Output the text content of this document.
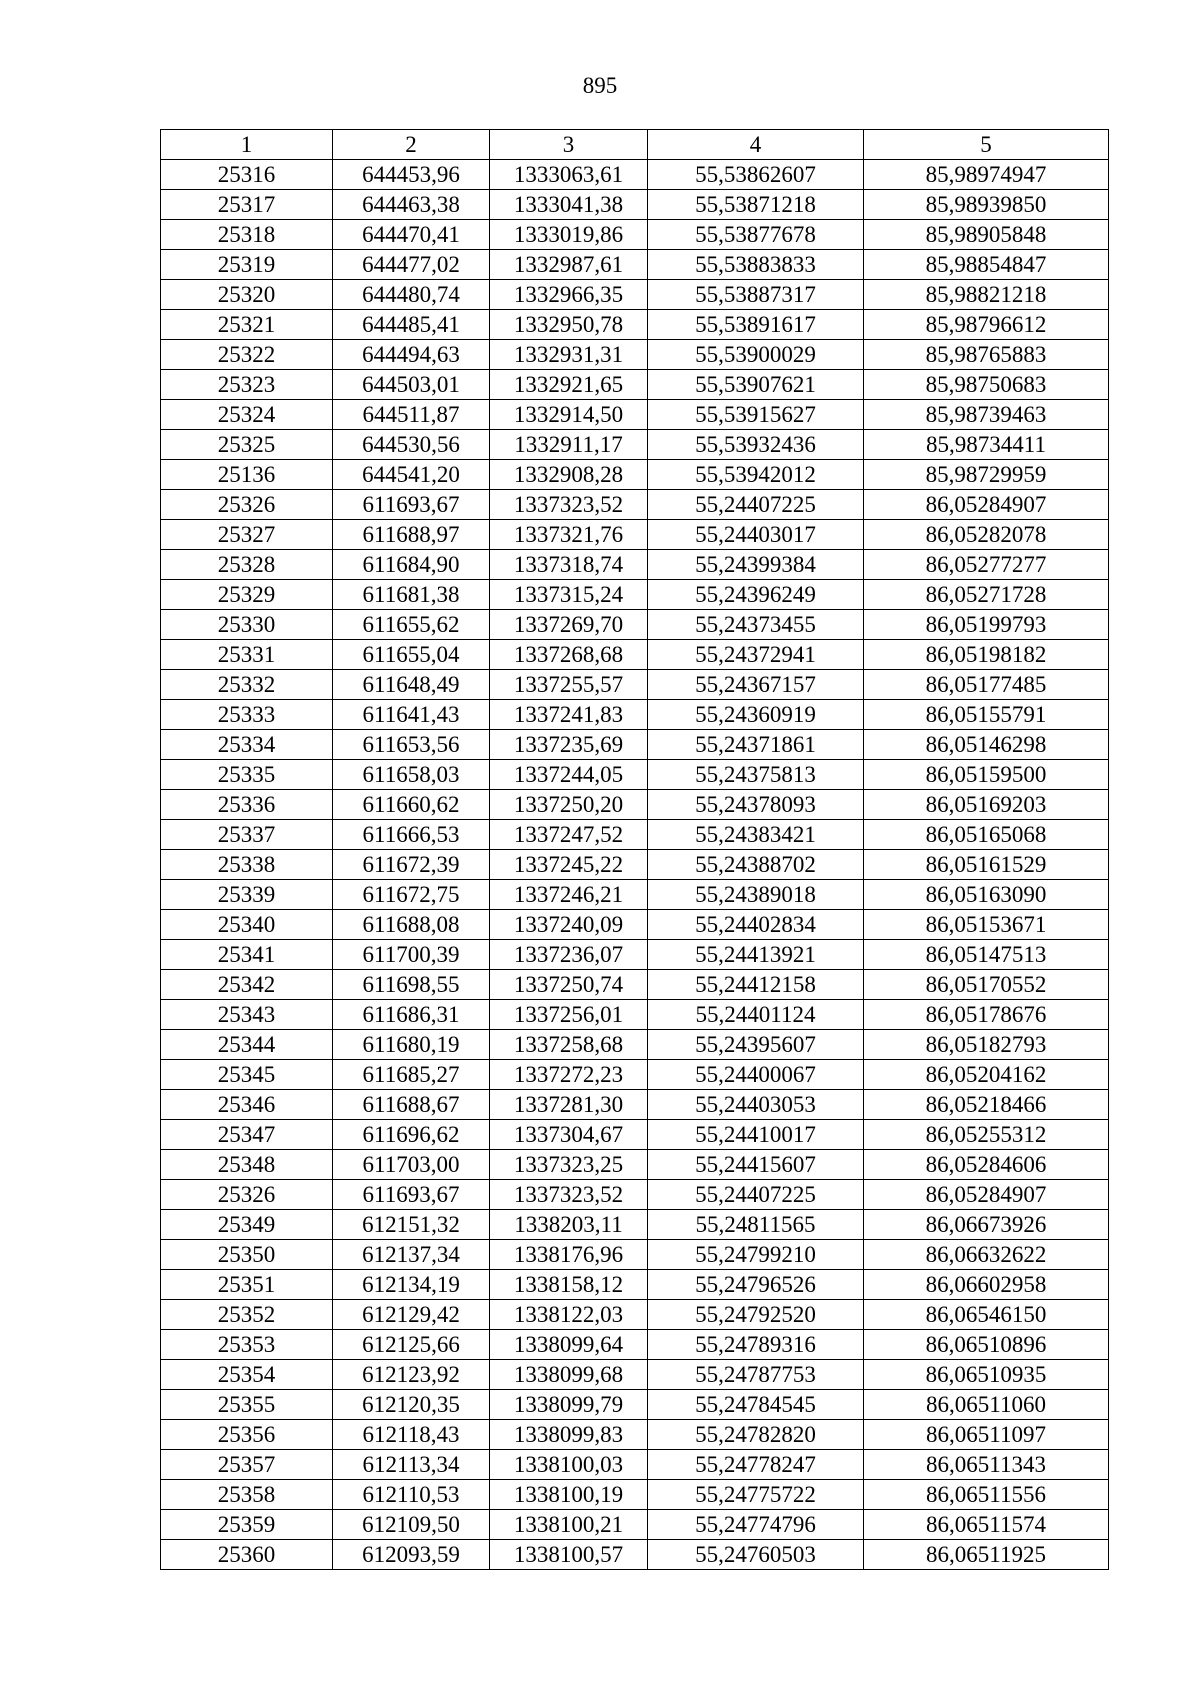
895
1	2	3	4	5
25316	644453,96	1333063,61	55,53862607	85,98974947
25317	644463,38	1333041,38	55,53871218	85,98939850
25318	644470,41	1333019,86	55,53877678	85,98905848
25319	644477,02	1332987,61	55,53883833	85,98854847
25320	644480,74	1332966,35	55,53887317	85,98821218
25321	644485,41	1332950,78	55,53891617	85,98796612
25322	644494,63	1332931,31	55,53900029	85,98765883
25323	644503,01	1332921,65	55,53907621	85,98750683
25324	644511,87	1332914,50	55,53915627	85,98739463
25325	644530,56	1332911,17	55,53932436	85,98734411
25136	644541,20	1332908,28	55,53942012	85,98729959
25326	611693,67	1337323,52	55,24407225	86,05284907
25327	611688,97	1337321,76	55,24403017	86,05282078
25328	611684,90	1337318,74	55,24399384	86,05277277
25329	611681,38	1337315,24	55,24396249	86,05271728
25330	611655,62	1337269,70	55,24373455	86,05199793
25331	611655,04	1337268,68	55,24372941	86,05198182
25332	611648,49	1337255,57	55,24367157	86,05177485
25333	611641,43	1337241,83	55,24360919	86,05155791
25334	611653,56	1337235,69	55,24371861	86,05146298
25335	611658,03	1337244,05	55,24375813	86,05159500
25336	611660,62	1337250,20	55,24378093	86,05169203
25337	611666,53	1337247,52	55,24383421	86,05165068
25338	611672,39	1337245,22	55,24388702	86,05161529
25339	611672,75	1337246,21	55,24389018	86,05163090
25340	611688,08	1337240,09	55,24402834	86,05153671
25341	611700,39	1337236,07	55,24413921	86,05147513
25342	611698,55	1337250,74	55,24412158	86,05170552
25343	611686,31	1337256,01	55,24401124	86,05178676
25344	611680,19	1337258,68	55,24395607	86,05182793
25345	611685,27	1337272,23	55,24400067	86,05204162
25346	611688,67	1337281,30	55,24403053	86,05218466
25347	611696,62	1337304,67	55,24410017	86,05255312
25348	611703,00	1337323,25	55,24415607	86,05284606
25326	611693,67	1337323,52	55,24407225	86,05284907
25349	612151,32	1338203,11	55,24811565	86,06673926
25350	612137,34	1338176,96	55,24799210	86,06632622
25351	612134,19	1338158,12	55,24796526	86,06602958
25352	612129,42	1338122,03	55,24792520	86,06546150
25353	612125,66	1338099,64	55,24789316	86,06510896
25354	612123,92	1338099,68	55,24787753	86,06510935
25355	612120,35	1338099,79	55,24784545	86,06511060
25356	612118,43	1338099,83	55,24782820	86,06511097
25357	612113,34	1338100,03	55,24778247	86,06511343
25358	612110,53	1338100,19	55,24775722	86,06511556
25359	612109,50	1338100,21	55,24774796	86,06511574
25360	612093,59	1338100,57	55,24760503	86,06511925
